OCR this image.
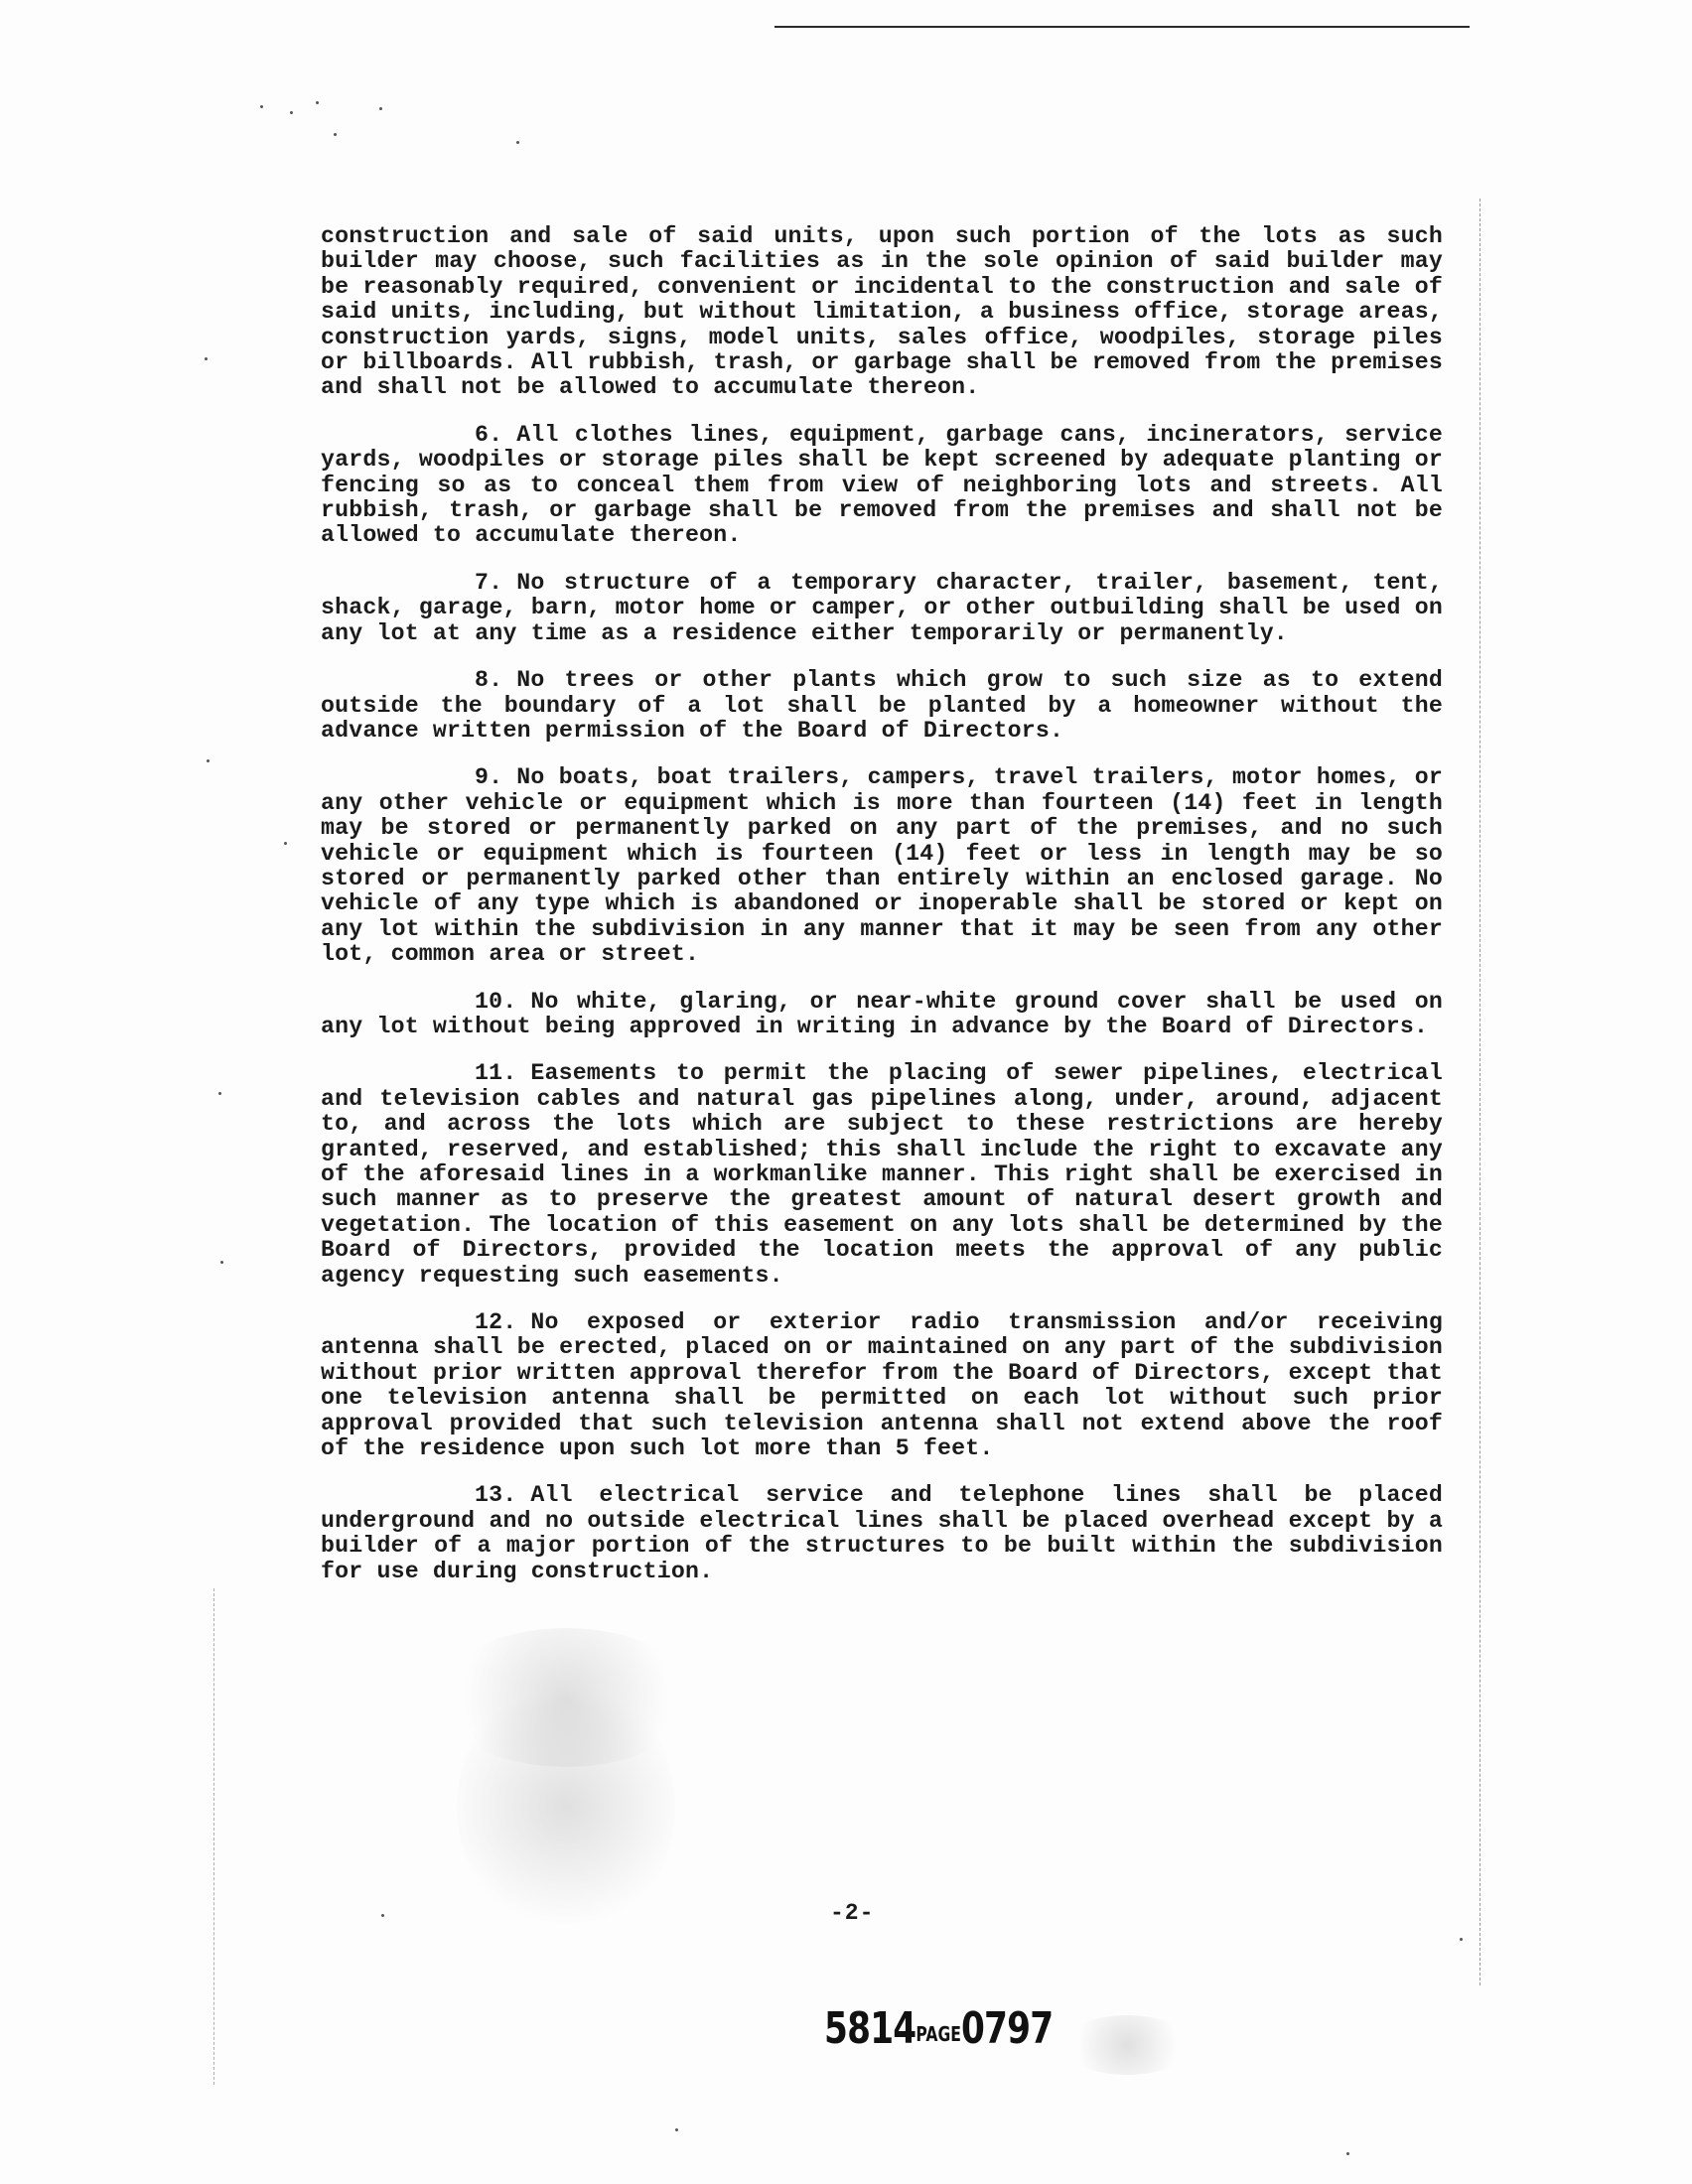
construction and sale of said units, upon such portion of the lots as such builder may choose, such facilities as in the sole opinion of said builder may be reasonably required, convenient or incidental to the construction and sale of said units, including, but without limitation, a business office, storage areas, construction yards, signs, model units, sales office, woodpiles, storage piles or billboards. All rubbish, trash, or garbage shall be removed from the premises and shall not be allowed to accumulate thereon.

6. All clothes lines, equipment, garbage cans, incinerators, service yards, woodpiles or storage piles shall be kept screened by adequate planting or fencing so as to conceal them from view of neighboring lots and streets. All rubbish, trash, or garbage shall be removed from the premises and shall not be allowed to accumulate thereon.

7. No structure of a temporary character, trailer, basement, tent, shack, garage, barn, motor home or camper, or other outbuilding shall be used on any lot at any time as a residence either temporarily or permanently.

8. No trees or other plants which grow to such size as to extend outside the boundary of a lot shall be planted by a homeowner without the advance written permission of the Board of Directors.

9. No boats, boat trailers, campers, travel trailers, motor homes, or any other vehicle or equipment which is more than fourteen (14) feet in length may be stored or permanently parked on any part of the premises, and no such vehicle or equipment which is fourteen (14) feet or less in length may be so stored or permanently parked other than entirely within an enclosed garage. No vehicle of any type which is abandoned or inoperable shall be stored or kept on any lot within the subdivision in any manner that it may be seen from any other lot, common area or street.

10. No white, glaring, or near-white ground cover shall be used on any lot without being approved in writing in advance by the Board of Directors.

11. Easements to permit the placing of sewer pipelines, electrical and television cables and natural gas pipelines along, under, around, adjacent to, and across the lots which are subject to these restrictions are hereby granted, reserved, and established; this shall include the right to excavate any of the aforesaid lines in a workmanlike manner. This right shall be exercised in such manner as to preserve the greatest amount of natural desert growth and vegetation. The location of this easement on any lots shall be determined by the Board of Directors, provided the location meets the approval of any public agency requesting such easements.

12. No exposed or exterior radio transmission and/or receiving antenna shall be erected, placed on or maintained on any part of the subdivision without prior written approval therefor from the Board of Directors, except that one television antenna shall be permitted on each lot without such prior approval provided that such television antenna shall not extend above the roof of the residence upon such lot more than 5 feet.

13. All electrical service and telephone lines shall be placed underground and no outside electrical lines shall be placed overhead except by a builder of a major portion of the structures to be built within the subdivision for use during construction.

-2-
5814PAGE0797
